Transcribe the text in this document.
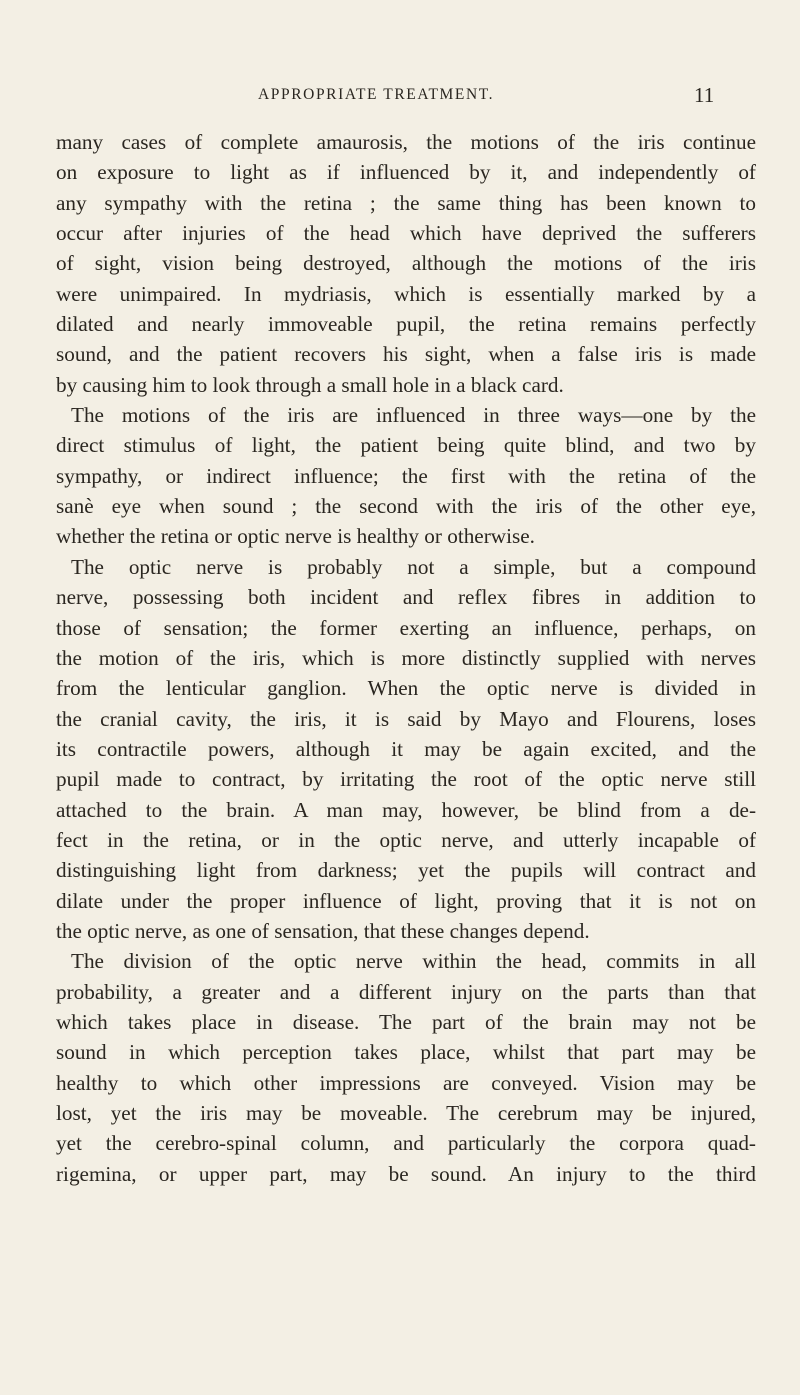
APPROPRIATE TREATMENT.	11
many cases of complete amaurosis, the motions of the iris continue
on exposure to light as if influenced by it, and independently of
any sympathy with the retina ; the same thing has been known to
occur after injuries of the head which have deprived the sufferers
of sight, vision being destroyed, although the motions of the iris
were unimpaired. In mydriasis, which is essentially marked by a
dilated and nearly immoveable pupil, the retina remains perfectly
sound, and the patient recovers his sight, when a false iris is made
by causing him to look through a small hole in a black card.
The motions of the iris are influenced in three ways—one by the
direct stimulus of light, the patient being quite blind, and two by
sympathy, or indirect influence; the first with the retina of the
sanè eye when sound ; the second with the iris of the other eye,
whether the retina or optic nerve is healthy or otherwise.
The optic nerve is probably not a simple, but a compound
nerve, possessing both incident and reflex fibres in addition to
those of sensation; the former exerting an influence, perhaps, on
the motion of the iris, which is more distinctly supplied with nerves
from the lenticular ganglion. When the optic nerve is divided in
the cranial cavity, the iris, it is said by Mayo and Flourens, loses
its contractile powers, although it may be again excited, and the
pupil made to contract, by irritating the root of the optic nerve still
attached to the brain. A man may, however, be blind from a de-
fect in the retina, or in the optic nerve, and utterly incapable of
distinguishing light from darkness; yet the pupils will contract and
dilate under the proper influence of light, proving that it is not on
the optic nerve, as one of sensation, that these changes depend.
The division of the optic nerve within the head, commits in all
probability, a greater and a different injury on the parts than that
which takes place in disease. The part of the brain may not be
sound in which perception takes place, whilst that part may be
healthy to which other impressions are conveyed. Vision may be
lost, yet the iris may be moveable. The cerebrum may be injured,
yet the cerebro-spinal column, and particularly the corpora quad-
rigemina, or upper part, may be sound. An injury to the third
